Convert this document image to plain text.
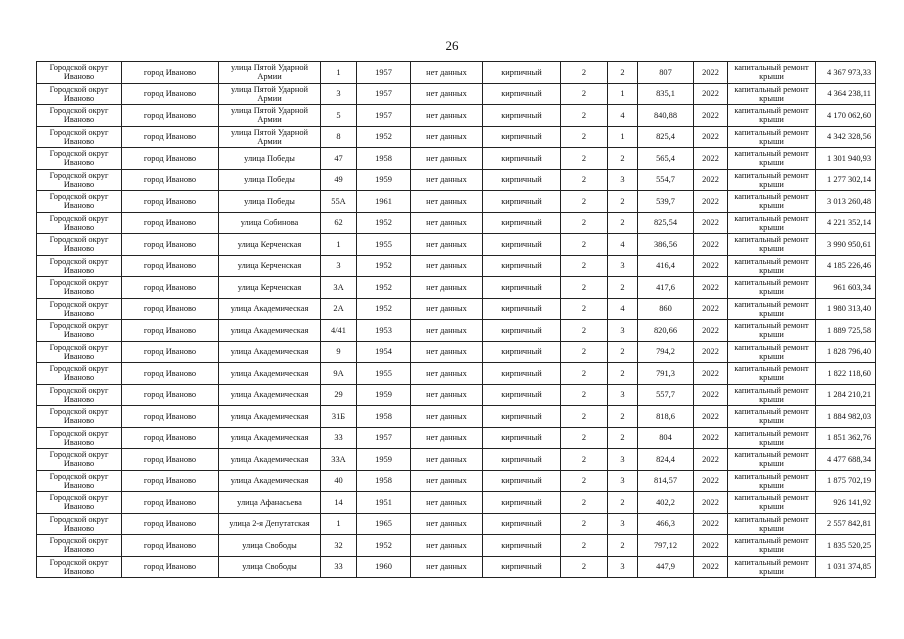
26
Городской округ Иваново	город Иваново	улица Пятой Ударной Армии	1	1957	нет данных	кирпичный	2	2	807	2022	капитальный ремонт крыши	4 367 973,33
Городской округ Иваново	город Иваново	улица Пятой Ударной Армии	3	1957	нет данных	кирпичный	2	1	835,1	2022	капитальный ремонт крыши	4 364 238,11
Городской округ Иваново	город Иваново	улица Пятой Ударной Армии	5	1957	нет данных	кирпичный	2	4	840,88	2022	капитальный ремонт крыши	4 170 062,60
Городской округ Иваново	город Иваново	улица Пятой Ударной Армии	8	1952	нет данных	кирпичный	2	1	825,4	2022	капитальный ремонт крыши	4 342 328,56
Городской округ Иваново	город Иваново	улица Победы	47	1958	нет данных	кирпичный	2	2	565,4	2022	капитальный ремонт крыши	1 301 940,93
Городской округ Иваново	город Иваново	улица Победы	49	1959	нет данных	кирпичный	2	3	554,7	2022	капитальный ремонт крыши	1 277 302,14
Городской округ Иваново	город Иваново	улица Победы	55А	1961	нет данных	кирпичный	2	2	539,7	2022	капитальный ремонт крыши	3 013 260,48
Городской округ Иваново	город Иваново	улица Собинова	62	1952	нет данных	кирпичный	2	2	825,54	2022	капитальный ремонт крыши	4 221 352,14
Городской округ Иваново	город Иваново	улица Керченская	1	1955	нет данных	кирпичный	2	4	386,56	2022	капитальный ремонт крыши	3 990 950,61
Городской округ Иваново	город Иваново	улица Керченская	3	1952	нет данных	кирпичный	2	3	416,4	2022	капитальный ремонт крыши	4 185 226,46
Городской округ Иваново	город Иваново	улица Керченская	3А	1952	нет данных	кирпичный	2	2	417,6	2022	капитальный ремонт крыши	961 603,34
Городской округ Иваново	город Иваново	улица Академическая	2А	1952	нет данных	кирпичный	2	4	860	2022	капитальный ремонт крыши	1 980 313,40
Городской округ Иваново	город Иваново	улица Академическая	4/41	1953	нет данных	кирпичный	2	3	820,66	2022	капитальный ремонт крыши	1 889 725,58
Городской округ Иваново	город Иваново	улица Академическая	9	1954	нет данных	кирпичный	2	2	794,2	2022	капитальный ремонт крыши	1 828 796,40
Городской округ Иваново	город Иваново	улица Академическая	9А	1955	нет данных	кирпичный	2	2	791,3	2022	капитальный ремонт крыши	1 822 118,60
Городской округ Иваново	город Иваново	улица Академическая	29	1959	нет данных	кирпичный	2	3	557,7	2022	капитальный ремонт крыши	1 284 210,21
Городской округ Иваново	город Иваново	улица Академическая	31Б	1958	нет данных	кирпичный	2	2	818,6	2022	капитальный ремонт крыши	1 884 982,03
Городской округ Иваново	город Иваново	улица Академическая	33	1957	нет данных	кирпичный	2	2	804	2022	капитальный ремонт крыши	1 851 362,76
Городской округ Иваново	город Иваново	улица Академическая	33А	1959	нет данных	кирпичный	2	3	824,4	2022	капитальный ремонт крыши	4 477 688,34
Городской округ Иваново	город Иваново	улица Академическая	40	1958	нет данных	кирпичный	2	3	814,57	2022	капитальный ремонт крыши	1 875 702,19
Городской округ Иваново	город Иваново	улица Афанасьева	14	1951	нет данных	кирпичный	2	2	402,2	2022	капитальный ремонт крыши	926 141,92
Городской округ Иваново	город Иваново	улица 2-я Депутатская	1	1965	нет данных	кирпичный	2	3	466,3	2022	капитальный ремонт крыши	2 557 842,81
Городской округ Иваново	город Иваново	улица Свободы	32	1952	нет данных	кирпичный	2	2	797,12	2022	капитальный ремонт крыши	1 835 520,25
Городской округ Иваново	город Иваново	улица Свободы	33	1960	нет данных	кирпичный	2	3	447,9	2022	капитальный ремонт крыши	1 031 374,85
